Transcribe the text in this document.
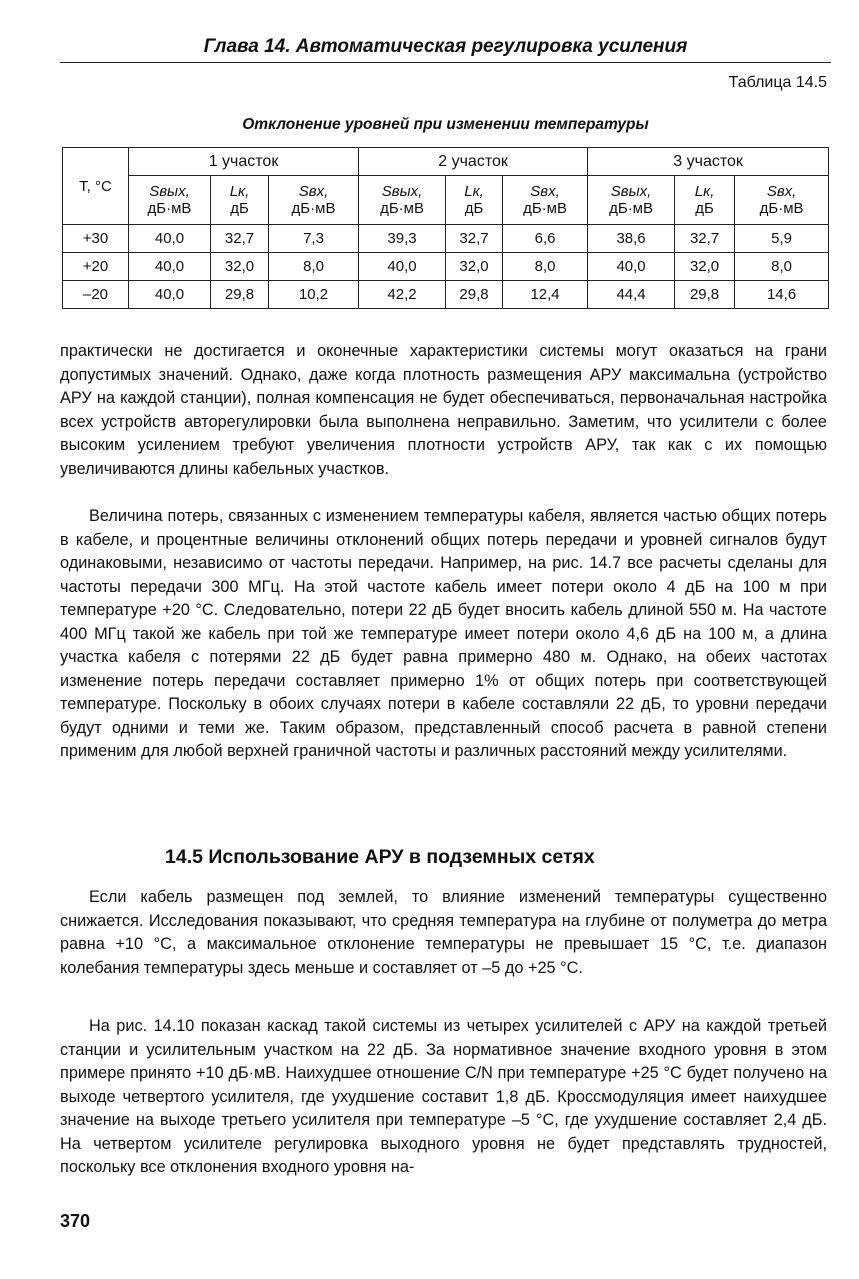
Глава 14. Автоматическая регулировка усиления
Таблица 14.5
Отклонение уровней при изменении температуры
T, °C	1 участок			2 участок			3 участок		
	Sвых,
дБ·мВ	Lк,
дБ	Sвх,
дБ·мВ	Sвых,
дБ·мВ	Lк,
дБ	Sвх,
дБ·мВ	Sвых,
дБ·мВ	Lк,
дБ	Sвх,
дБ·мВ
+30	40,0	32,7	7,3	39,3	32,7	6,6	38,6	32,7	5,9
+20	40,0	32,0	8,0	40,0	32,0	8,0	40,0	32,0	8,0
–20	40,0	29,8	10,2	42,2	29,8	12,4	44,4	29,8	14,6

практически не достигается и оконечные характеристики системы могут оказаться на грани допустимых значений. Однако, даже когда плотность размещения АРУ максимальна (устройство АРУ на каждой станции), полная компенсация не будет обеспечиваться, первоначальная настройка всех устройств авторегулировки была выполнена неправильно. Заметим, что усилители с более высоким усилением требуют увеличения плотности устройств АРУ, так как с их помощью увеличиваются длины кабельных участков.

Величина потерь, связанных с изменением температуры кабеля, является частью общих потерь в кабеле, и процентные величины отклонений общих потерь передачи и уровней сигналов будут одинаковыми, независимо от частоты передачи. Например, на рис. 14.7 все расчеты сделаны для частоты передачи 300 МГц. На этой частоте кабель имеет потери около 4 дБ на 100 м при температуре +20 °С. Следовательно, потери 22 дБ будет вносить кабель длиной 550 м. На частоте 400 МГц такой же кабель при той же температуре имеет потери около 4,6 дБ на 100 м, а длина участка кабеля с потерями 22 дБ будет равна примерно 480 м. Однако, на обеих частотах изменение потерь передачи составляет примерно 1% от общих потерь при соответствующей температуре. Поскольку в обоих случаях потери в кабеле составляли 22 дБ, то уровни передачи будут одними и теми же. Таким образом, представленный способ расчета в равной степени применим для любой верхней граничной частоты и различных расстояний между усилителями.

14.5 Использование АРУ в подземных сетях

Если кабель размещен под землей, то влияние изменений температуры существенно снижается. Исследования показывают, что средняя температура на глубине от полуметра до метра равна +10 °С, а максимальное отклонение температуры не превышает 15 °С, т.е. диапазон колебания температуры здесь меньше и составляет от –5 до +25 °С.

На рис. 14.10 показан каскад такой системы из четырех усилителей с АРУ на каждой третьей станции и усилительным участком на 22 дБ. За нормативное значение входного уровня в этом примере принято +10 дБ·мВ. Наихудшее отношение C/N при температуре +25 °С будет получено на выходе четвертого усилителя, где ухудшение составит 1,8 дБ. Кроссмодуляция имеет наихудшее значение на выходе третьего усилителя при температуре –5 °С, где ухудшение составляет 2,4 дБ. На четвертом усилителе регулировка выходного уровня не будет представлять трудностей, поскольку все отклонения входного уровня на-

370
